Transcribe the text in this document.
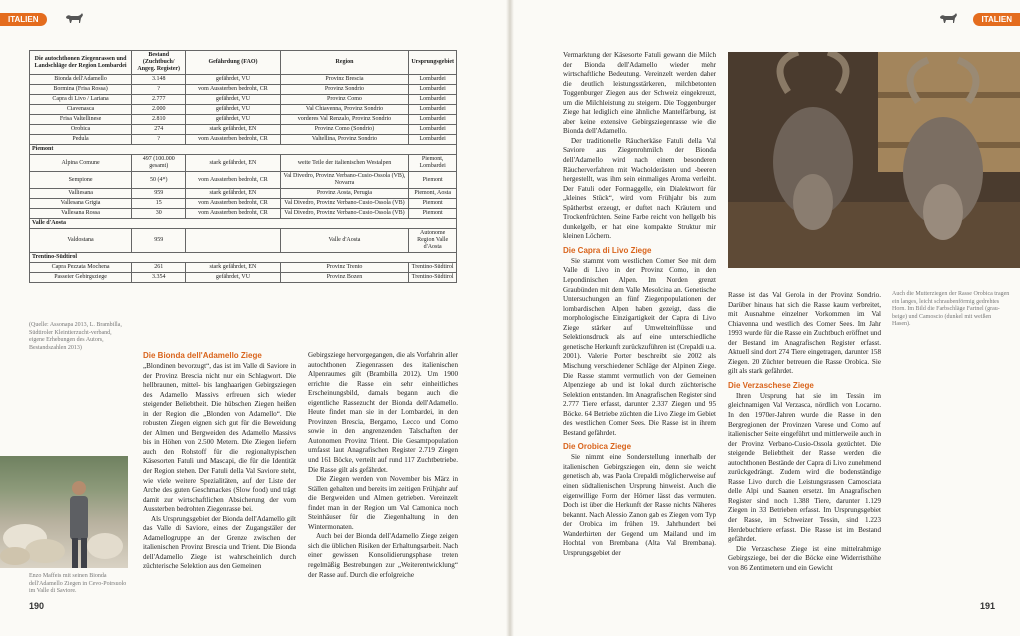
ITALIEN
Die autochthonen Ziegenrassen und Landschläge der Region Lombardei	Bestand (Zuchtbuch/ Angeg. Register)	Gefährdung (FAO)	Region	Ursprungsgebiet
Bionda dell'Adamello	3.148	gefährdet, VU	Provinz Brescia	Lombardei
Bormina (Frisa Rossa)	?	vom Aussterben bedroht, CR	Provinz Sondrio	Lombardei
Capra di Livo / Lariana	2.777	gefährdet, VU	Provinz Como	Lombardei
Ciavenasca	2.000	gefährdet, VU	Val Chiavenna, Provinz Sondrio	Lombardei
Frisa Valtellinese	2.810	gefährdet, VU	vorderes Val Renzalo, Provinz Sondrio	Lombardei
Orobica	274	stark gefährdet, EN	Provinz Como (Sondrio)	Lombardei
Pedula	?	vom Aussterben bedroht, CR	Valtellina, Provinz Sondrio	Lombardei
Piemont				
Alpina Comune	497 (100.000 gesamt)	stark gefährdet, EN	weite Teile der italienischen Westalpen	Piemont, Lombardei
Sempione	50 (4*)	vom Aussterben bedroht, CR	Val Divedro, Provinz Verbano-Cusio-Ossola (VB), Novarra	Piemont
Valliesana	959	stark gefährdet, EN	Provinz Aosta, Perugia	Piemont, Aosta
Vallesana Grigia	15	vom Aussterben bedroht, CR	Val Divedro, Provinz Verbano-Cusio-Ossola (VB)	Piemont
Vallesana Rossa	30	vom Aussterben bedroht, CR	Val Divedro, Provinz Verbano-Cusio-Ossola (VB)	Piemont
Valle d'Aosta				
Valdostana	959		Valle d'Aosta	Autonome Region Valle d'Aosta
Trentino-Südtirol				
Capra Pezzata Mochena	261	stark gefährdet, EN	Provinz Trento	Trentino-Südtirol
Passeier Gebirgsziege	3.354	gefährdet, VU	Provinz Bozen	Trentino-Südtirol
(Quelle: Assonapa 2013, L. Brambilla, Südtiroler Kleintierzucht-verband, eigene Erhebungen des Autors, Bestandszahlen 2013)
Enzo Maffeis mit seinen Bionda dell'Adamello Ziegen in Cevo-Poirsuolo im Valle di Saviore.
Die Bionda dell'Adamello Ziege

„Blondinen bevorzugt“, das ist im Valle di Saviore in der Provinz Brescia nicht nur ein Schlagwort. Die hellbraunen, mittel- bis langhaarigen Gebirgsziegen des Adamello Massivs erfreuen sich wieder steigender Beliebtheit. Die hübschen Ziegen heißen in der Region die „Blonden von Adamello“. Die robusten Ziegen eignen sich gut für die Beweidung der Almen und Bergweiden des Adamello Massivs bis in Höhen von 2.500 Metern. Die Ziegen liefern auch den Rohstoff für die regionaltypischen Käsesorten Fatuli und Mascapi, die für die Identität der Region stehen. Der Fatuli della Val Saviore steht, wie viele weitere Spezialitäten, auf der Liste der Arche des guten Geschmackes (Slow food) und trägt damit zur wirtschaftlichen Absicherung der vom Aussterben bedrohten Ziegenrasse bei.

Als Ursprungsgebiet der Bionda dell'Adamello gilt das Valle di Saviore, eines der Zugangstäler der Adamellogruppe an der Grenze zwischen der italienischen Provinz Brescia und Trient. Die Bionda dell'Adamello Ziege ist wahrscheinlich durch züchterische Selektion aus den Gemeinen

Gebirgsziege hervorgegangen, die als Vorfahrin aller autochthonen Ziegenrassen des italienischen Alpenraumes gilt (Brambilla 2012). Um 1900 errichte die Rasse ein sehr einheitliches Erscheinungsbild, damals begann auch die eigentliche Rassezucht der Bionda dell'Adamello. Heute findet man sie in der Lombardei, in den Provinzen Brescia, Bergamo, Lecco und Como sowie in den angrenzenden Talschaften der Autonomen Provinz Trient. Die Gesamtpopulation umfasst laut Anagrafischen Register 2.719 Ziegen und 161 Böcke, verteilt auf rund 117 Zuchtbetriebe. Die Rasse gilt als gefährdet.

Die Ziegen werden von November bis März in Ställen gehalten und bereits im zeitigen Frühjahr auf die Bergweiden und Almen getrieben. Vereinzelt findet man in der Region um Val Camonica noch Steinhäuser für die Ziegenhaltung in den Wintermonaten.

Auch bei der Bionda dell'Adamello Ziege zeigen sich die üblichen Risiken der Erhaltungsarbeit. Nach einer gewissen Konsolidierungsphase treten regelmäßig Bestrebungen zur „Weiterentwicklung“ der Rasse auf. Durch die erfolgreiche

190
ITALIEN

Vermarktung der Käsesorte Fatuli gewann die Milch der Bionda dell'Adamello wieder mehr wirtschaftliche Bedeutung. Vereinzelt werden daher die deutlich leistungsstärkeren, milchbetonten Toggenburger Ziegen aus der Schweiz eingekreuzt, um die Milchleistung zu steigern. Die Toggenburger Ziege hat lediglich eine ähnliche Mantelfärbung, ist aber keine extensive Gebirgsziegenrasse wie die Bionda dell'Adamello.

Der traditionelle Räucherkäse Fatuli della Val Saviore aus Ziegenrohmilch der Bionda dell'Adamello wird nach einem besonderen Räucherverfahren mit Wacholderästen und -beeren hergestellt, was ihm sein einmaliges Aroma verleiht. Der Fatuli oder Formaggelle, ein Dialektwort für „kleines Stück“, wird vom Frühjahr bis zum Spätherbst erzeugt, er duftet nach Kräutern und Trockenfrüchten. Seine Farbe reicht von hellgelb bis dunkelgelb, er hat eine kompakte Struktur mir kleinen Löchern.

Die Capra di Livo Ziege

Sie stammt vom westlichen Comer See mit dem Valle di Livo in der Provinz Como, in den Lepondinischen Alpen. Im Norden grenzt Graubünden mit dem Valle Mesolcina an. Genetische Untersuchungen an fünf Ziegenpopulationen der lombardischen Alpen haben gezeigt, dass die morphologische Einzigartigkeit der Capra di Livo Ziege stärker auf Umwelteinflüsse und Selektionsdruck als auf eine unterschiedliche genetische Herkunft zurückzuführen ist (Crepaldi u.a. 2001). Valerie Porter beschreibt sie 2002 als Mischung verschiedener Schläge der Alpinen Ziege. Die Rasse stammt vermutlich von der Gemeinen Alpenziege ab und ist lokal durch züchterische Selektion entstanden. Im Anagrafischen Register sind 2.777 Tiere erfasst, darunter 2.337 Ziegen und 95 Böcke. 64 Betriebe züchten die Livo Ziege im Gebiet des westlichen Comer Sees. Die Rasse ist in ihrem Bestand gefährdet.

Die Orobica Ziege

Sie nimmt eine Sonderstellung innerhalb der italienischen Gebirgsziegen ein, denn sie weicht genetisch ab, was Paola Crepaldi möglicherweise auf einen südtalienischen Ursprung hinweist. Auch die eigenwillige Form der Hörner lässt das vermuten. Doch ist über die Herkunft der Rasse nichts Näheres bekannt. Nach Alessio Zanon gab es Ziegen vom Typ der Orobica im frühen 19. Jahrhundert bei Wanderhirten der Gegend um Mailand und im Hochtal von Brembana (Alta Val Brembana). Ursprungsgebiet der

Auch die Mutterziegen der Rasse Orobica tragen ein langes, leicht schraubenförmig gedrehtes Horn. Im Bild die Farbschläge Fartnel (grau-beige) und Camoscio (dunkel mit weißen Hasen).

Rasse ist das Val Gerola in der Provinz Sondrio. Darüber hinaus hat sich die Rasse kaum verbreitet, mit Ausnahme einzelner Vorkommen im Val Chiavenna und westlich des Comer Sees. Im Jahr 1993 wurde für die Rasse ein Zuchtbuch eröffnet und der Bestand im Anagrafischen Register erfasst. Aktuell sind dort 274 Tiere eingetragen, darunter 158 Ziegen. 20 Züchter betreuen die Rasse Orobica. Sie gilt als stark gefährdet.

Die Verzaschese Ziege

Ihren Ursprung hat sie im Tessin im gleichnamigen Val Verzasca, nördlich von Locarno. In den 1970er-Jahren wurde die Rasse in den Bergregionen der Provinzen Varese und Como auf italienischer Seite eingeführt und mittlerweile auch in der Provinz Verbano-Cusio-Ossola gezüchtet. Die steigende Beliebtheit der Rasse werden die autochthonen Bestände der Capra di Livo zunehmend zurückgedrängt. Zudem wird die bodenständige Rasse Livo durch die Leistungsrassen Camosciata delle Alpi und Saanen ersetzt. Im Anagrafischen Register sind noch 1.388 Tiere, darunter 1.129 Ziegen in 33 Betrieben erfasst. Im Ursprungsgebiet der Rasse, im Schweizer Tessin, sind 1.223 Herdebuchtiere erfasst. Die Rasse ist im Bestand gefährdet.

Die Verzaschese Ziege ist eine mittelrahmige Gebirgsziege, bei der die Böcke eine Widerristhöhe von 86 Zentimetern und ein Gewicht

191
